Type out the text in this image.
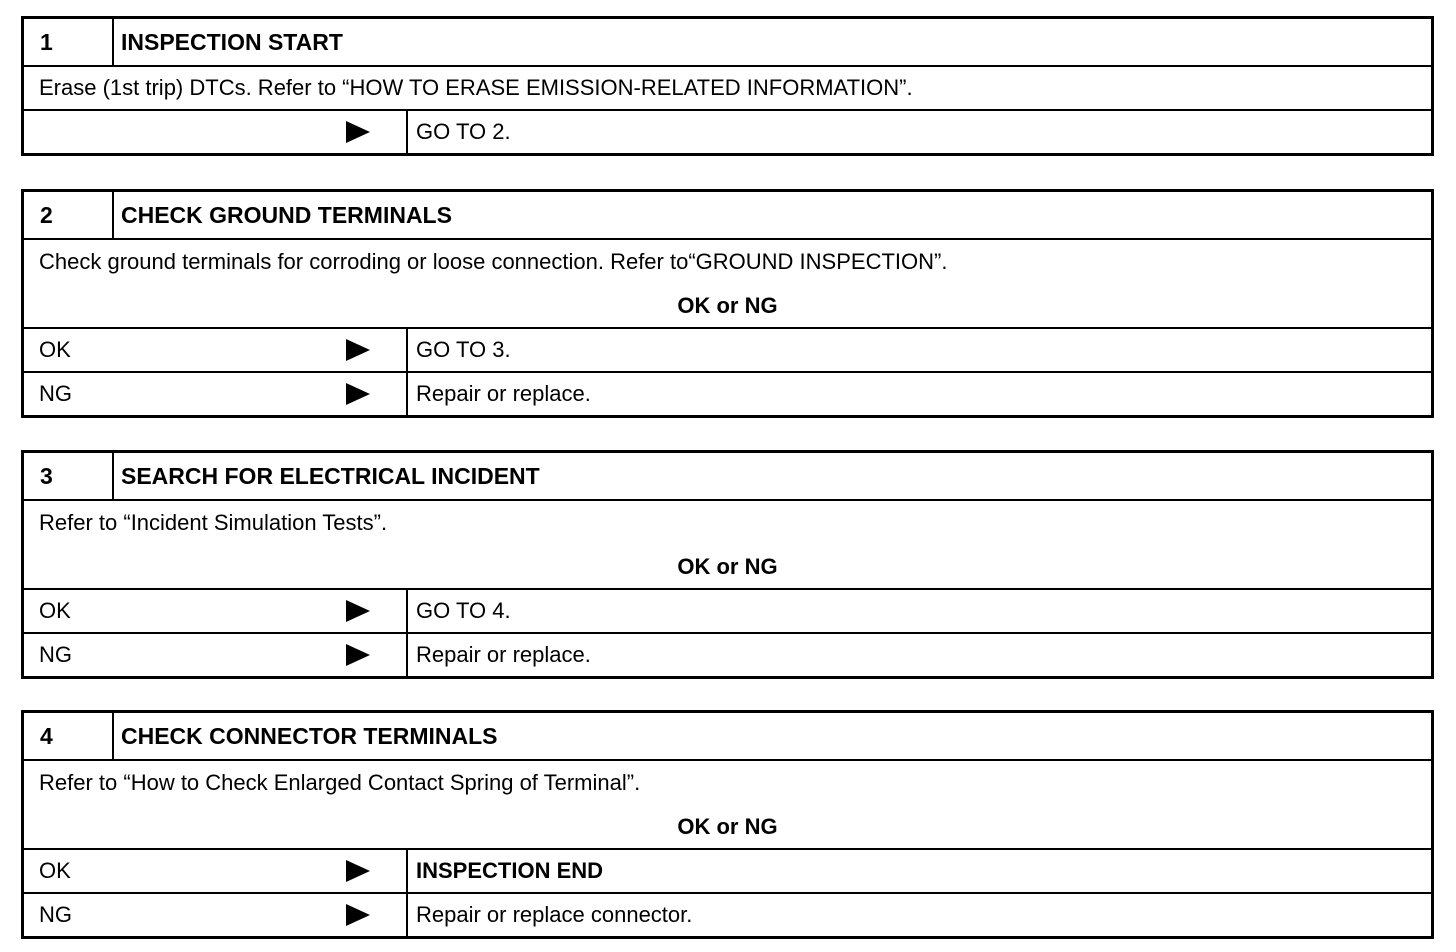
1	INSPECTION START
Erase (1st trip) DTCs. Refer to “HOW TO ERASE EMISSION-RELATED INFORMATION”.
GO TO 2.
2	CHECK GROUND TERMINALS
Check ground terminals for corroding or loose connection. Refer to“GROUND INSPECTION”.
OK or NG
OK	GO TO 3.
NG	Repair or replace.
3	SEARCH FOR ELECTRICAL INCIDENT
Refer to “Incident Simulation Tests”.
OK or NG
OK	GO TO 4.
NG	Repair or replace.
4	CHECK CONNECTOR TERMINALS
Refer to “How to Check Enlarged Contact Spring of Terminal”.
OK or NG
OK	INSPECTION END
NG	Repair or replace connector.
